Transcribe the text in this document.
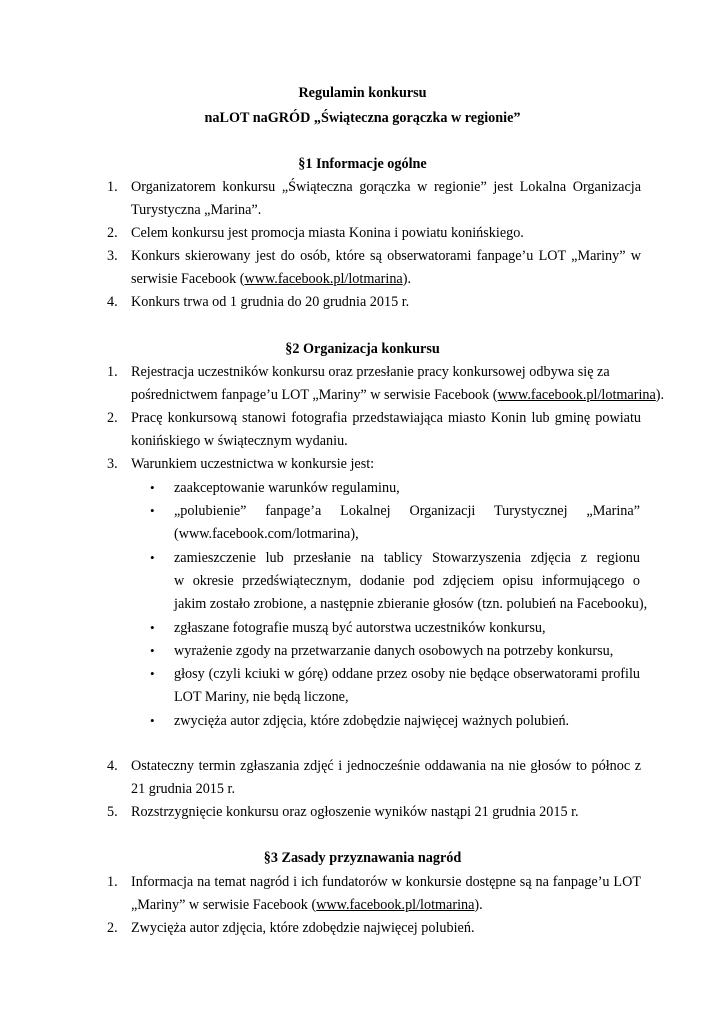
Regulamin konkursu
naLOT naGRÓD „Świąteczna gorączka w regionie”
§1 Informacje ogólne
1. Organizatorem konkursu „Świąteczna gorączka w regionie” jest Lokalna Organizacja
Turystyczna „Marina”.
2. Celem konkursu jest promocja miasta Konina i powiatu konińskiego.
3. Konkurs skierowany jest do osób, które są obserwatorami fanpage’u LOT „Mariny” w
serwisie Facebook (www.facebook.pl/lotmarina).
4. Konkurs trwa od 1 grudnia do 20 grudnia 2015 r.
§2 Organizacja konkursu
1. Rejestracja uczestników konkursu oraz przesłanie pracy konkursowej odbywa się za
pośrednictwem fanpage’u LOT „Mariny” w serwisie Facebook (www.facebook.pl/lotmarina).
2. Pracę konkursową stanowi fotografia przedstawiająca miasto Konin lub gminę powiatu
konińskiego w świątecznym wydaniu.
3. Warunkiem uczestnictwa w konkursie jest:
• zaakceptowanie warunków regulaminu,
• „polubienie” fanpage’a Lokalnej Organizacji Turystycznej „Marina”
(www.facebook.com/lotmarina),
• zamieszczenie lub przesłanie na tablicy Stowarzyszenia zdjęcia z regionu
w okresie przedświątecznym, dodanie pod zdjęciem opisu informującego o
jakim zostało zrobione, a następnie zbieranie głosów (tzn. polubień na Facebooku),
• zgłaszane fotografie muszą być autorstwa uczestników konkursu,
• wyrażenie zgody na przetwarzanie danych osobowych na potrzeby konkursu,
• głosy (czyli kciuki w górę) oddane przez osoby nie będące obserwatorami profilu
LOT Mariny, nie będą liczone,
• zwycięża autor zdjęcia, które zdobędzie najwięcej ważnych polubień.
4. Ostateczny termin zgłaszania zdjęć i jednocześnie oddawania na nie głosów to północ z
21 grudnia 2015 r.
5. Rozstrzygnięcie konkursu oraz ogłoszenie wyników nastąpi 21 grudnia 2015 r.
§3 Zasady przyznawania nagród
1. Informacja na temat nagród i ich fundatorów w konkursie dostępne są na fanpage’u LOT
„Mariny” w serwisie Facebook (www.facebook.pl/lotmarina).
2. Zwycięża autor zdjęcia, które zdobędzie najwięcej polubień.
